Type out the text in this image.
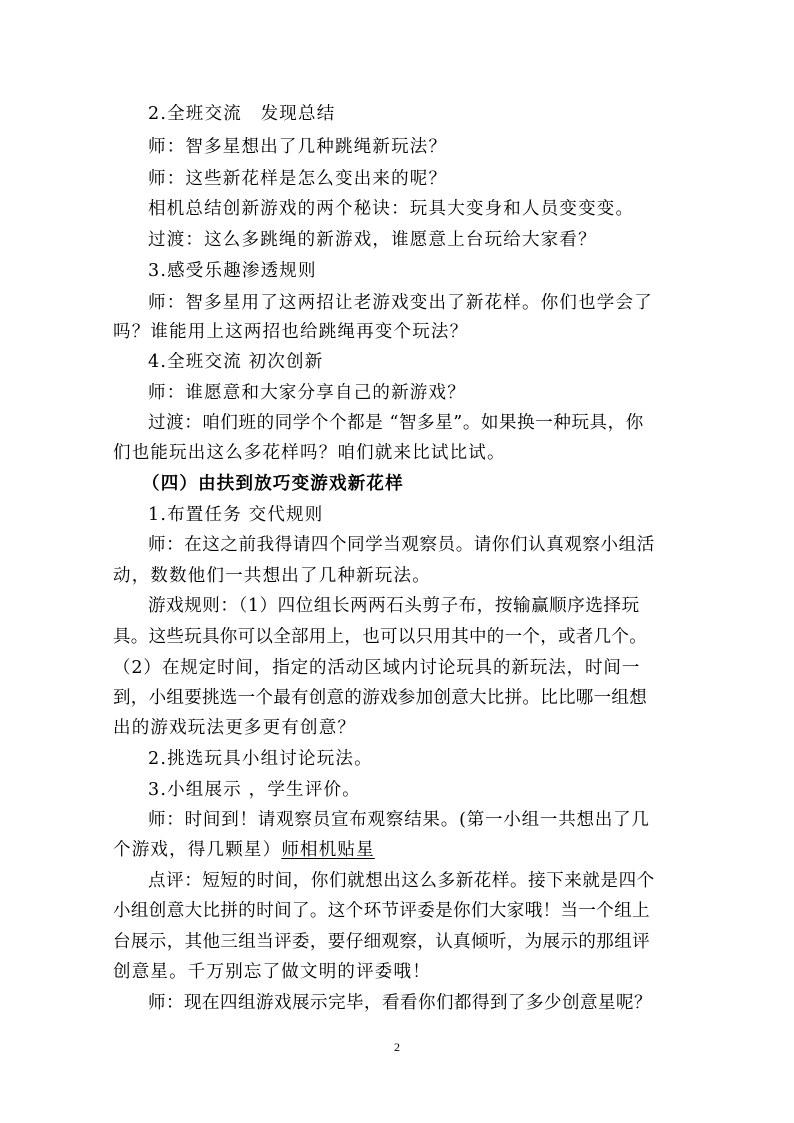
2.全班交流　发现总结
师：智多星想出了几种跳绳新玩法？
师：这些新花样是怎么变出来的呢？
相机总结创新游戏的两个秘诀：玩具大变身和人员变变变。
过渡：这么多跳绳的新游戏，谁愿意上台玩给大家看？
3.感受乐趣渗透规则
师：智多星用了这两招让老游戏变出了新花样。你们也学会了
吗？谁能用上这两招也给跳绳再变个玩法？
4.全班交流 初次创新
师：谁愿意和大家分享自己的新游戏？
过渡：咱们班的同学个个都是 “智多星”。如果换一种玩具，你
们也能玩出这么多花样吗？咱们就来比试比试。
（四）由扶到放巧变游戏新花样
1.布置任务 交代规则
师：在这之前我得请四个同学当观察员。请你们认真观察小组活
动，数数他们一共想出了几种新玩法。
游戏规则：（1）四位组长两两石头剪子布，按输赢顺序选择玩
具。这些玩具你可以全部用上，也可以只用其中的一个，或者几个。
（2）在规定时间，指定的活动区域内讨论玩具的新玩法，时间一
到，小组要挑选一个最有创意的游戏参加创意大比拼。比比哪一组想
出的游戏玩法更多更有创意？
2.挑选玩具小组讨论玩法。
3.小组展示 ，学生评价。
师：时间到！请观察员宣布观察结果。(第一小组一共想出了几
个游戏，得几颗星）师相机贴星
点评：短短的时间，你们就想出这么多新花样。接下来就是四个
小组创意大比拼的时间了。这个环节评委是你们大家哦！当一个组上
台展示，其他三组当评委，要仔细观察，认真倾听，为展示的那组评
创意星。千万别忘了做文明的评委哦！
师：现在四组游戏展示完毕，看看你们都得到了多少创意星呢？
2
